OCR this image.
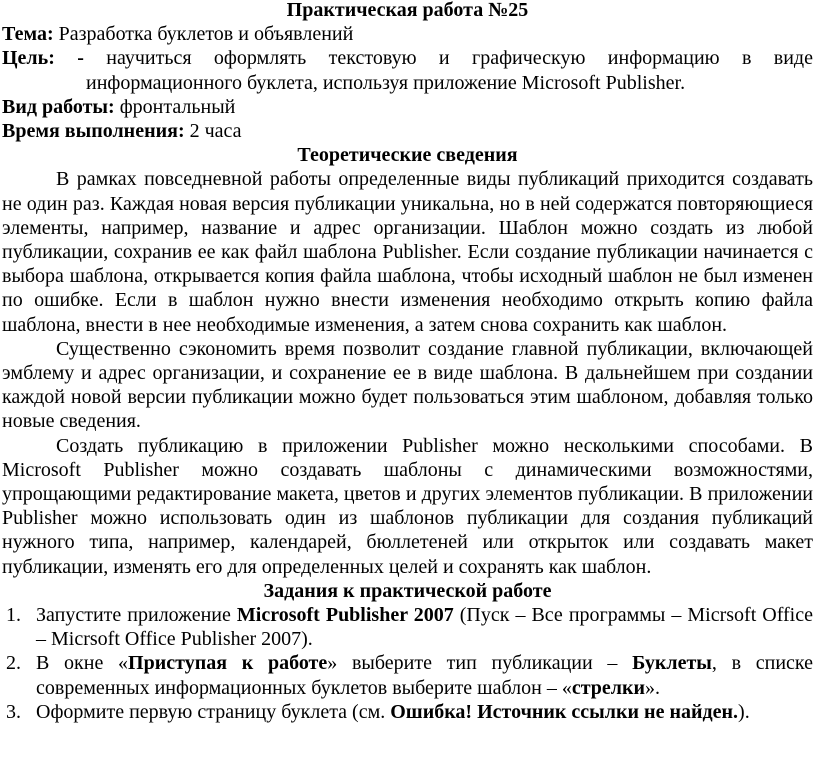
Практическая работа №25

Тема: Разработка буклетов и объявлений

Цель: - научиться оформлять текстовую и графическую информацию в виде информационного буклета, используя приложение Microsoft Publisher.

Вид работы: фронтальный

Время выполнения: 2 часа

Теоретические сведения

В рамках повседневной работы определенные виды публикаций приходится создавать не один раз. Каждая новая версия публикации уникальна, но в ней содержатся повторяющиеся элементы, например, название и адрес организации. Шаблон можно создать из любой публикации, сохранив ее как файл шаблона Publisher. Если создание публикации начинается с выбора шаблона, открывается копия файла шаблона, чтобы исходный шаблон не был изменен по ошибке. Если в шаблон нужно внести изменения необходимо открыть копию файла шаблона, внести в нее необходимые изменения, а затем снова сохранить как шаблон.

Существенно сэкономить время позволит создание главной публикации, включающей эмблему и адрес организации, и сохранение ее в виде шаблона. В дальнейшем при создании каждой новой версии публикации можно будет пользоваться этим шаблоном, добавляя только новые сведения.

Создать публикацию в приложении Publisher можно несколькими способами. В Microsoft Publisher можно создавать шаблоны с динамическими возможностями, упрощающими редактирование макета, цветов и других элементов публикации. В приложении Publisher можно использовать один из шаблонов публикации для создания публикаций нужного типа, например, календарей, бюллетеней или открыток или создавать макет публикации, изменять его для определенных целей и сохранять как шаблон.

Задания к практической работе
1. Запустите приложение Microsoft Publisher 2007 (Пуск – Все программы – Micrsoft Office – Micrsoft Office Publisher 2007).
2. В окне «Приступая к работе» выберите тип публикации – Буклеты, в списке современных информационных буклетов выберите шаблон – «стрелки».
3. Оформите первую страницу буклета (см. Ошибка! Источник ссылки не найден.).
